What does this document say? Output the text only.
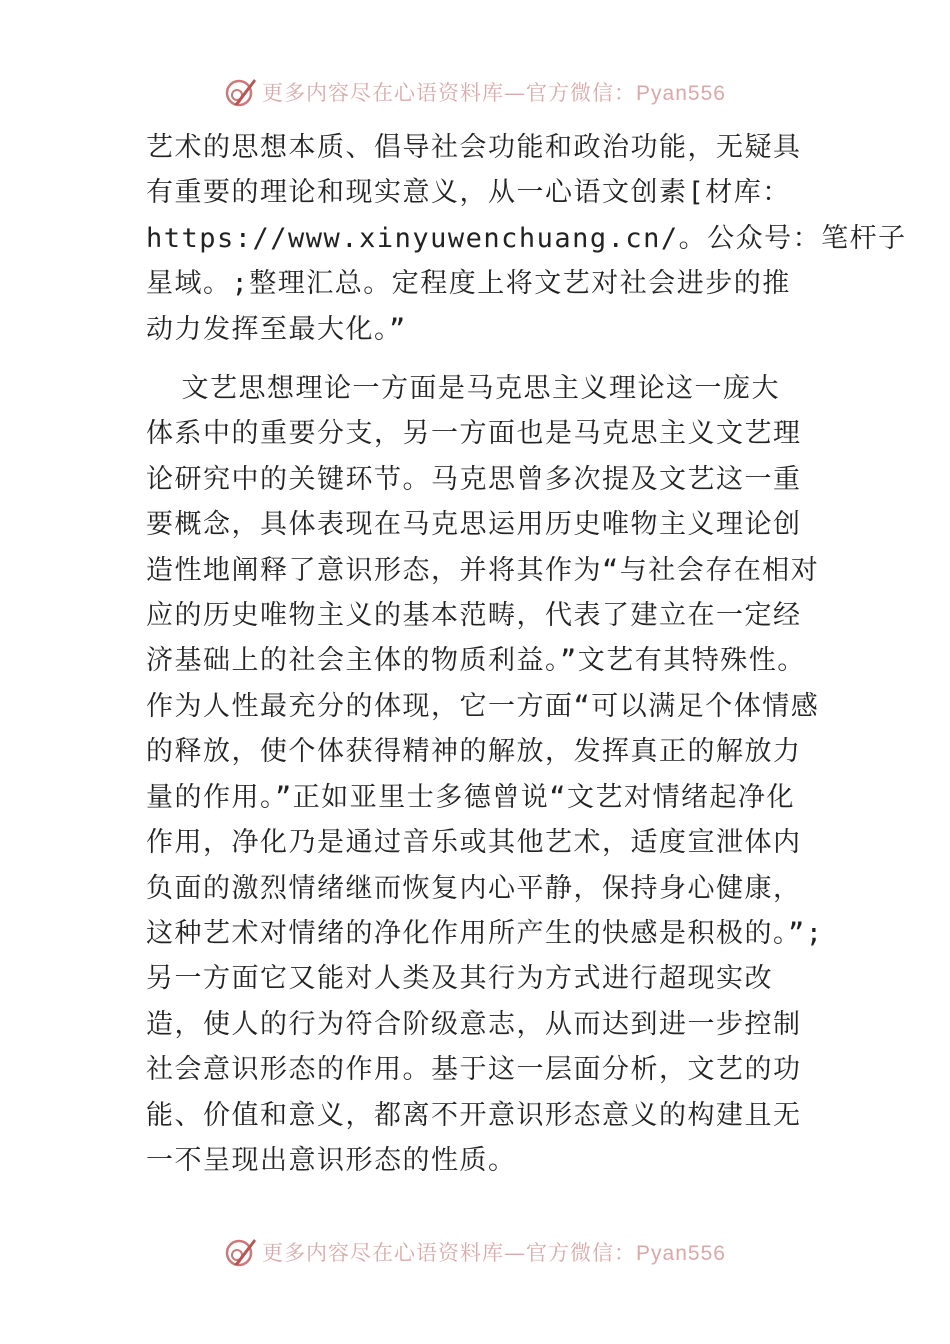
更多内容尽在心语资料库—官方微信：Pyan556

艺术的思想本质、倡导社会功能和政治功能，无疑具

有重要的理论和现实意义，从一心语文创素[材库：

https://www.xinyuwenchuang.cn/。公众号：笔杆子

星域。;整理汇总。定程度上将文艺对社会进步的推

动力发挥至最大化。”

文艺思想理论一方面是马克思主义理论这一庞大

体系中的重要分支，另一方面也是马克思主义文艺理

论研究中的关键环节。马克思曾多次提及文艺这一重

要概念，具体表现在马克思运用历史唯物主义理论创

造性地阐释了意识形态，并将其作为“与社会存在相对

应的历史唯物主义的基本范畴，代表了建立在一定经

济基础上的社会主体的物质利益。”文艺有其特殊性。

作为人性最充分的体现，它一方面“可以满足个体情感

的释放，使个体获得精神的解放，发挥真正的解放力

量的作用。”正如亚里士多德曾说“文艺对情绪起净化

作用，净化乃是通过音乐或其他艺术，适度宣泄体内

负面的激烈情绪继而恢复内心平静，保持身心健康，

这种艺术对情绪的净化作用所产生的快感是积极的。”;

另一方面它又能对人类及其行为方式进行超现实改

造，使人的行为符合阶级意志，从而达到进一步控制

社会意识形态的作用。基于这一层面分析，文艺的功

能、价值和意义，都离不开意识形态意义的构建且无

一不呈现出意识形态的性质。

更多内容尽在心语资料库—官方微信：Pyan556
